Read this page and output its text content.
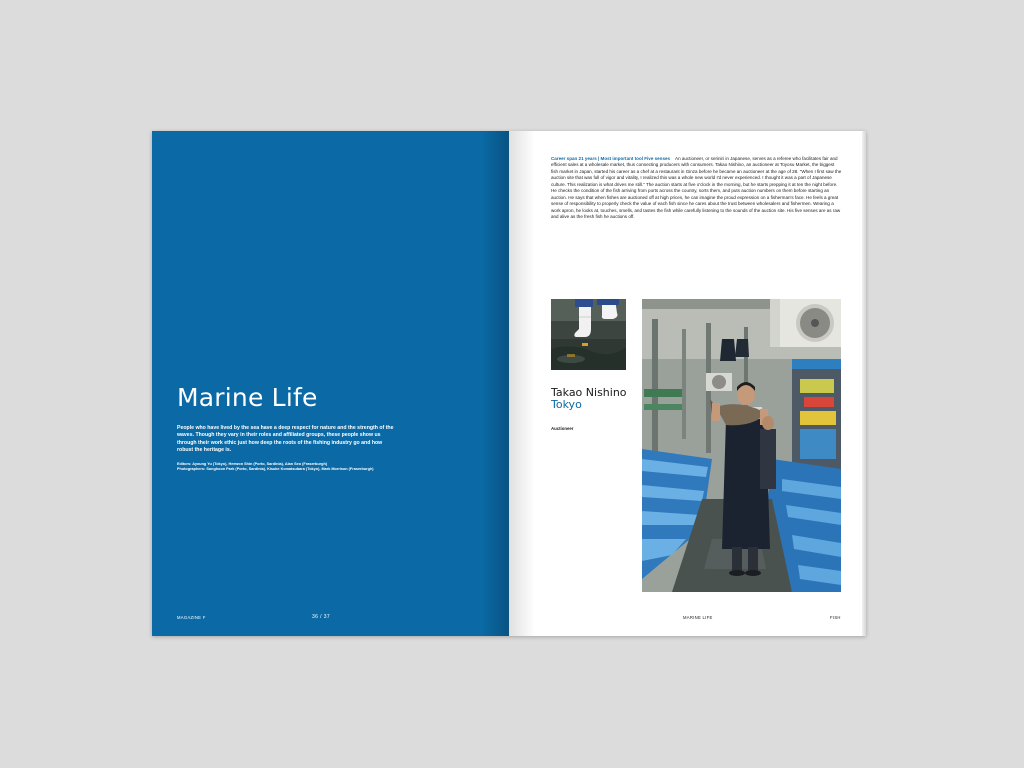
Marine Life

People who have lived by the sea have a deep respect for nature and the strength of the waves. Though they vary in their roles and affiliated groups, these people show us through their work ethic just how deep the roots of the fishing industry go and how robust the heritage is.

Editors: Ayoung Yu (Tokyo), Heewon Shin (Porto, Sardinia), Alan Seo (Fraserburgh)

Photographers: Sunghoon Park (Porto, Sardinia), Kisuke Komatsubara (Tokyo), Mark Morrison (Fraserburgh)

MAGAZINE F	36 / 37

Career span 21 years | Most important tool Five senses An auctioneer, or seriniri in Japanese, serves as a referee who facilitates fair and efficient sales at a wholesale market, thus connecting producers with consumers. Takao Nishino, an auctioneer at Toyosu Market, the biggest fish market in Japan, started his career as a chef at a restaurant in Ginza before he became an auctioneer at the age of 28. "When I first saw the auction site that was full of vigor and vitality, I realized this was a whole new world I'd never experienced. I thought it was a part of Japanese culture. This realization is what drives me still." The auction starts at five o'clock in the morning, but he starts prepping it at ten the night before. He checks the condition of the fish arriving from ports across the country, sorts them, and puts auction numbers on them before starting an auction. He says that when fishes are auctioned off at high prices, he can imagine the proud expression on a fisherman's face. He feels a great sense of responsibility to properly check the value of each fish since he cares about the trust between wholesalers and fishermen. Wearing a work apron, he looks at, touches, smells, and tastes the fish while carefully listening to the sounds of the auction site. His five senses are as raw and alive as the fresh fish he auctions off.

Takao Nishino
Tokyo
Auctioneer
MARINE LIFE	FISH
